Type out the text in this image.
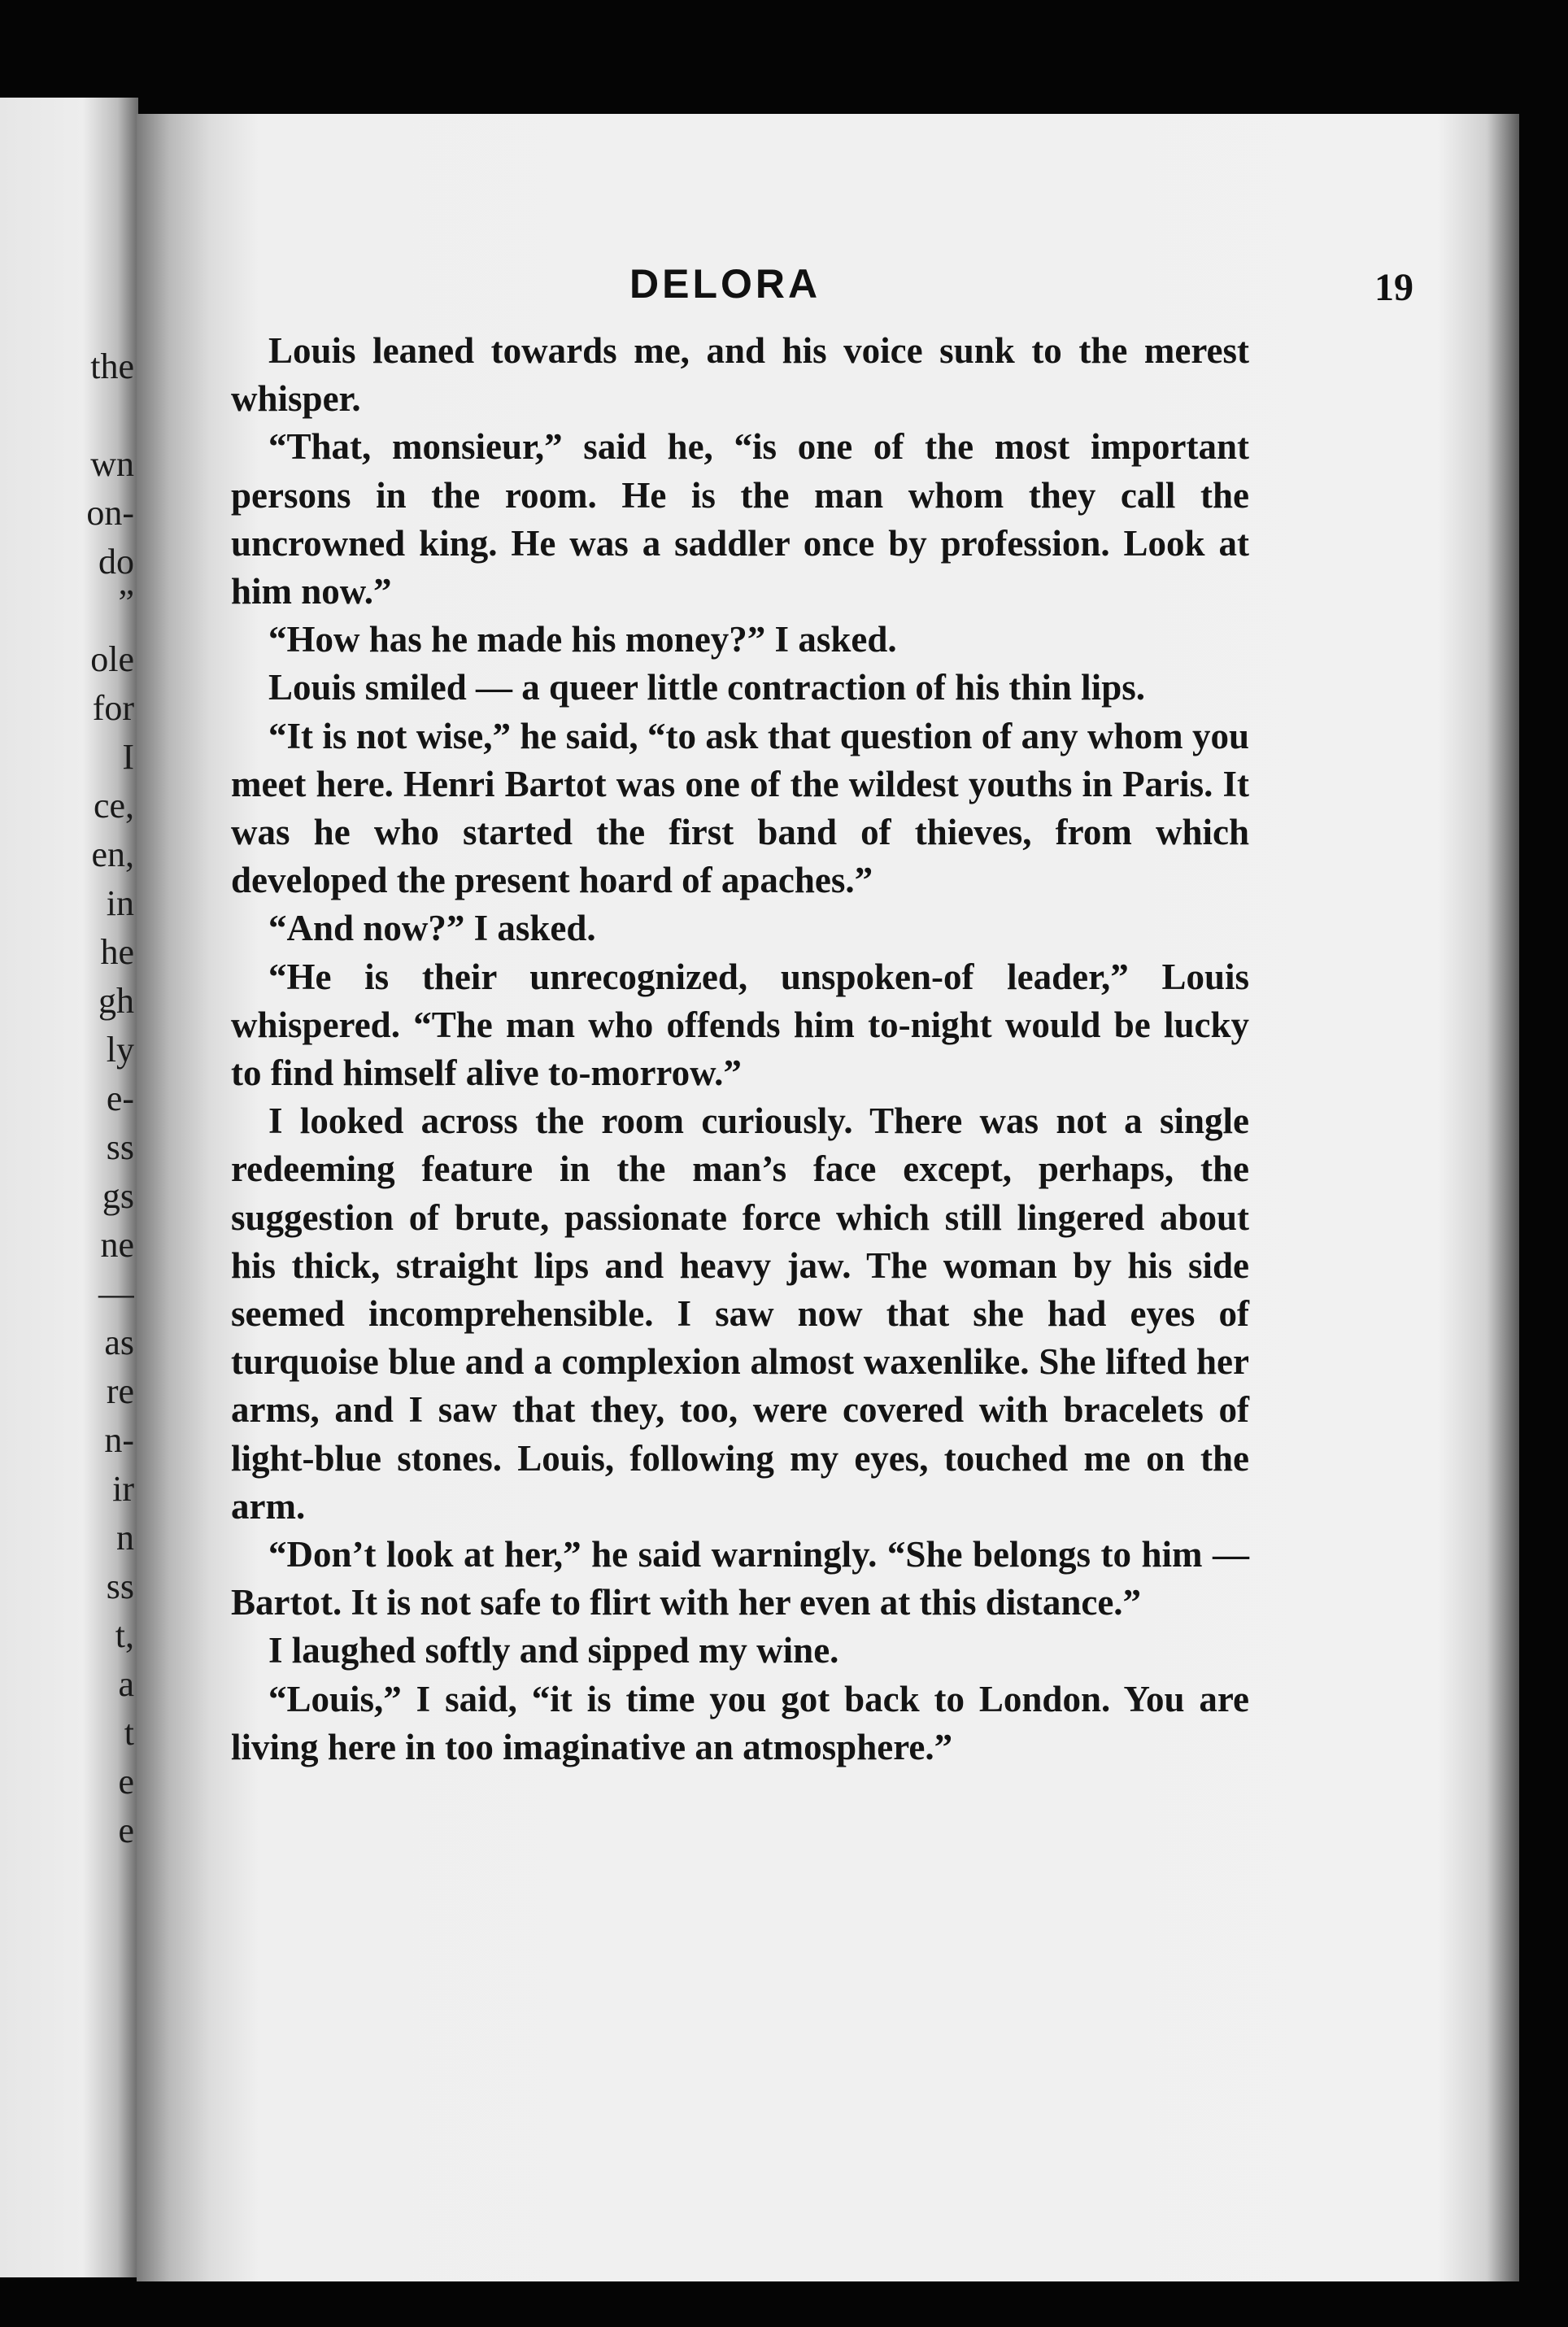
the
wn
on-
do
”
ole
for
I
ce,
en,
in
he
gh
ly
e-
ss
gs
ne
—
as
re
n-
ir
n
ss
t,
a
t
e
e
DELORA	19

Louis leaned towards me, and his voice sunk to the merest whisper.

“That, monsieur,” said he, “is one of the most important persons in the room. He is the man whom they call the uncrowned king. He was a saddler once by profession. Look at him now.”

“How has he made his money?” I asked.

Louis smiled — a queer little contraction of his thin lips.

“It is not wise,” he said, “to ask that question of any whom you meet here. Henri Bartot was one of the wildest youths in Paris. It was he who started the first band of thieves, from which developed the present hoard of apaches.”

“And now?” I asked.

“He is their unrecognized, unspoken-of leader,” Louis whispered. “The man who offends him to-night would be lucky to find himself alive to-morrow.”

I looked across the room curiously. There was not a single redeeming feature in the man’s face except, perhaps, the suggestion of brute, passionate force which still lingered about his thick, straight lips and heavy jaw. The woman by his side seemed incomprehensible. I saw now that she had eyes of turquoise blue and a complexion almost waxenlike. She lifted her arms, and I saw that they, too, were covered with bracelets of light-blue stones. Louis, following my eyes, touched me on the arm.

“Don’t look at her,” he said warningly. “She belongs to him — Bartot. It is not safe to flirt with her even at this distance.”

I laughed softly and sipped my wine.

“Louis,” I said, “it is time you got back to London. You are living here in too imaginative an atmosphere.”
